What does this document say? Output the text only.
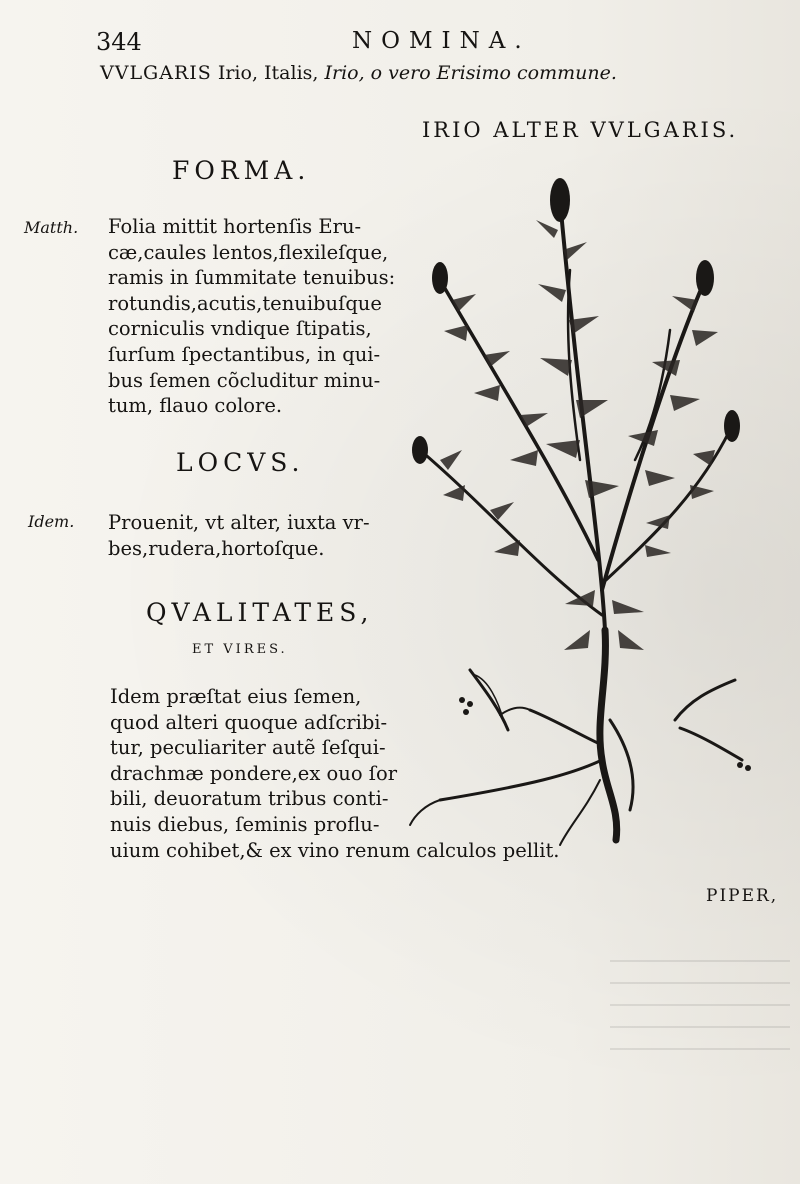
344	NOMINA.
VVLGARIS Irio, Italis, Irio, o vero Erisimo commune.
IRIO ALTER VVLGARIS.
FORMA.
Matth. Folia mittit hortenſis Eru-
cæ,caules lentos,flexileſque,
ramis in ſummitate tenuibus:
rotundis,acutis,tenuibuſque
corniculis vndique ſtipatis,
ſurſum ſpectantibus, in qui-
bus ſemen cõcluditur minu-
tum, flauo colore.
LOCVS.
Idem. Prouenit, vt alter, iuxta vr-
bes,rudera,hortoſque.
QVALITATES,
ET VIRES.
Idem præſtat eius ſemen,
quod alteri quoque adſcribi-
tur, peculiariter autẽ ſeſqui-
drachmæ pondere,ex ouo ſor
bili, deuoratum tribus conti-
nuis diebus, ſeminis proflu-
uium cohibet,& ex vino renum calculos pellit.
PIPER,
